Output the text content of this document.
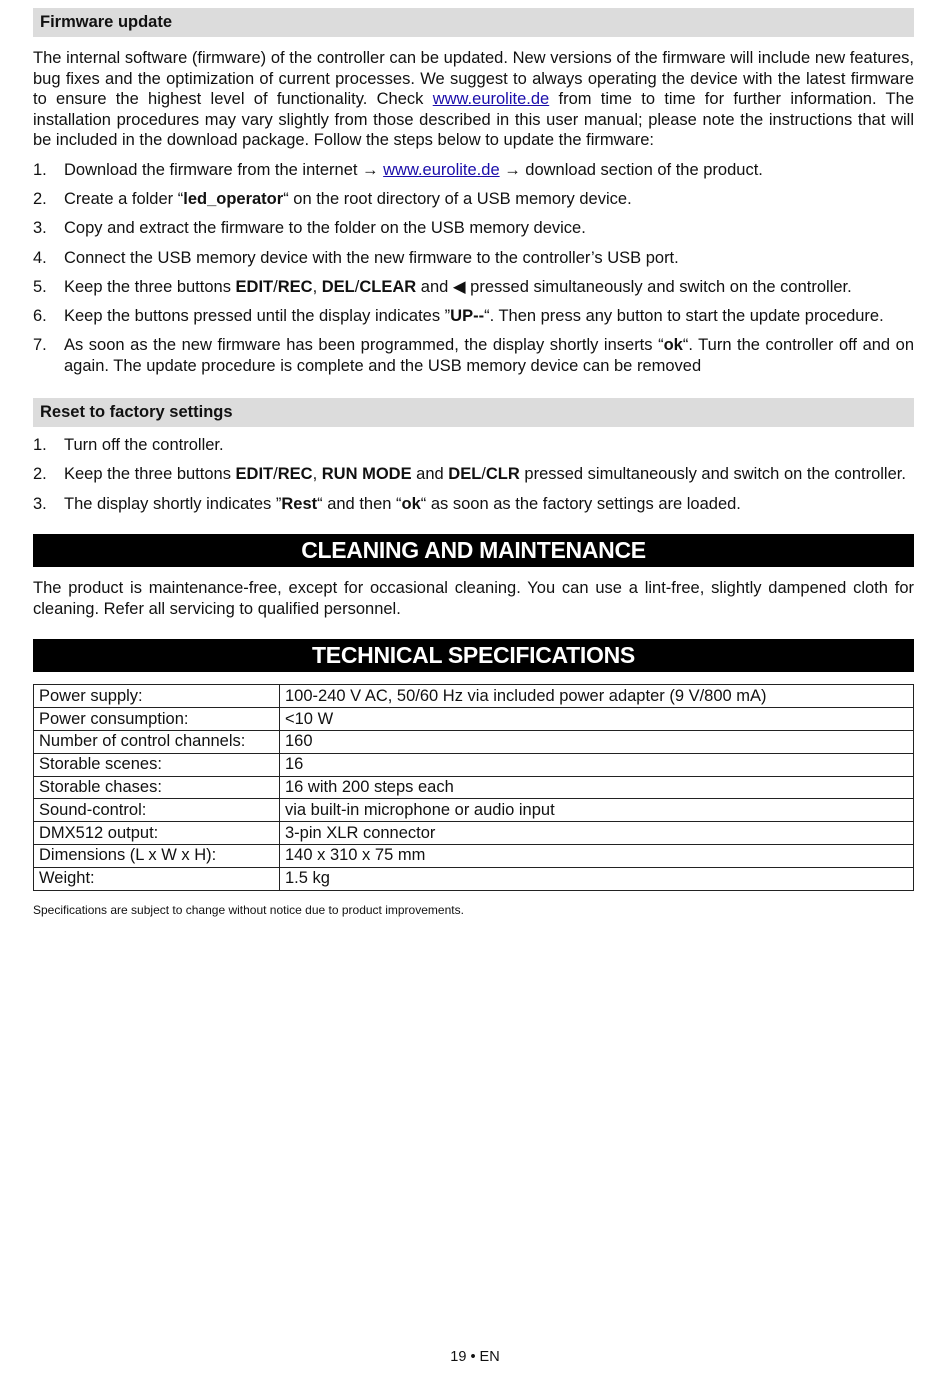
Firmware update

The internal software (firmware) of the controller can be updated. New versions of the firmware will include new features, bug fixes and the optimization of current processes. We suggest to always operating the device with the latest firmware to ensure the highest level of functionality. Check www.eurolite.de from time to time for further information. The installation procedures may vary slightly from those described in this user manual; please note the instructions that will be included in the download package. Follow the steps below to update the firmware:

1. Download the firmware from the internet → www.eurolite.de → download section of the product.
2. Create a folder “led_operator“ on the root directory of a USB memory device.
3. Copy and extract the firmware to the folder on the USB memory device.
4. Connect the USB memory device with the new firmware to the controller’s USB port.
5. Keep the three buttons EDIT/REC, DEL/CLEAR and ◀ pressed simultaneously and switch on the controller.
6. Keep the buttons pressed until the display indicates ”UP--“. Then press any button to start the update procedure.
7. As soon as the new firmware has been programmed, the display shortly inserts “ok“. Turn the controller off and on again. The update procedure is complete and the USB memory device can be removed
Reset to factory settings
1. Turn off the controller.
2. Keep the three buttons EDIT/REC, RUN MODE and DEL/CLR pressed simultaneously and switch on the controller.
3. The display shortly indicates ”Rest“ and then “ok“ as soon as the factory settings are loaded.
CLEANING AND MAINTENANCE

The product is maintenance-free, except for occasional cleaning. You can use a lint-free, slightly dampened cloth for cleaning. Refer all servicing to qualified personnel.

TECHNICAL SPECIFICATIONS
Power supply:	100-240 V AC, 50/60 Hz via included power adapter (9 V/800 mA)
Power consumption:	<10 W
Number of control channels:	160
Storable scenes:	16
Storable chases:	16 with 200 steps each
Sound-control:	via built-in microphone or audio input
DMX512 output:	3-pin XLR connector
Dimensions (L x W x H):	140 x 310 x 75 mm
Weight:	1.5 kg
Specifications are subject to change without notice due to product improvements.
19 • EN
